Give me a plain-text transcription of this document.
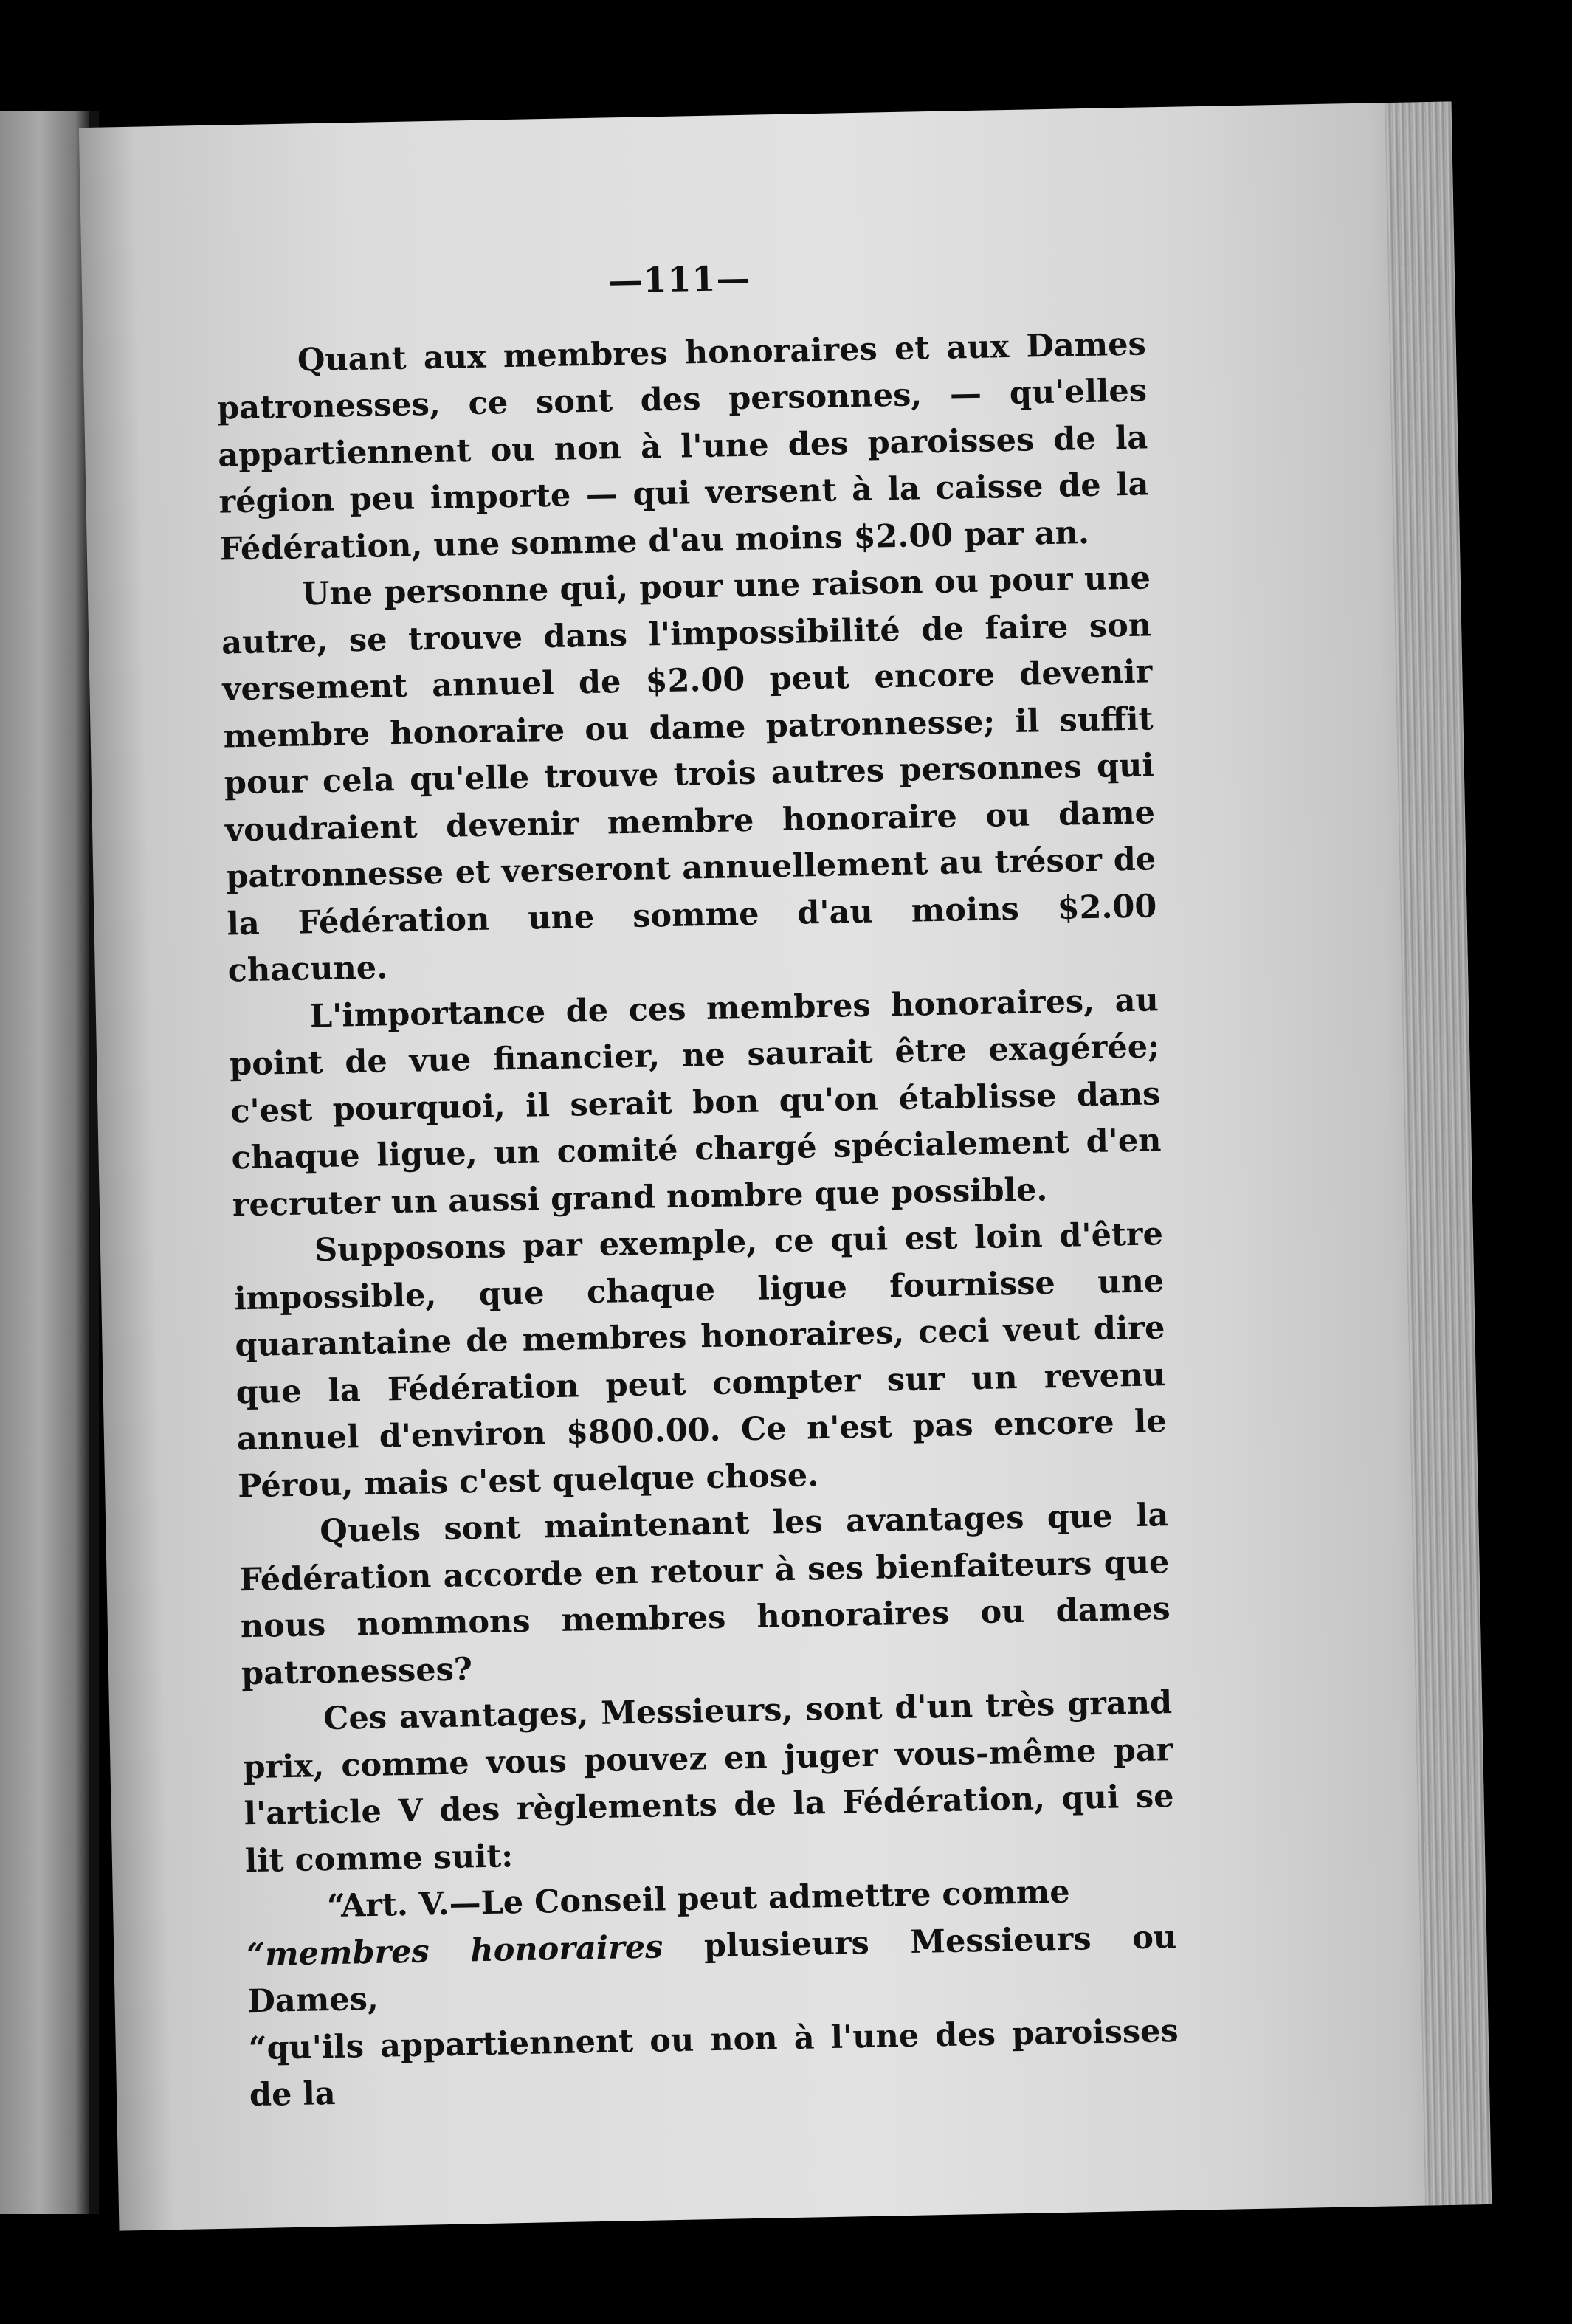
—111—

Quant aux membres honoraires et aux Dames patronesses, ce sont des personnes, — qu'elles appartiennent ou non à l'une des paroisses de la région peu importe — qui versent à la caisse de la Fédération, une somme d'au moins $2.00 par an.

Une personne qui, pour une raison ou pour une autre, se trouve dans l'impossibilité de faire son versement annuel de $2.00 peut encore devenir membre honoraire ou dame patronnesse; il suffit pour cela qu'elle trouve trois autres personnes qui voudraient devenir membre honoraire ou dame patronnesse et verseront annuellement au trésor de la Fédération une somme d'au moins $2.00 chacune.

L'importance de ces membres honoraires, au point de vue financier, ne saurait être exagérée; c'est pourquoi, il serait bon qu'on établisse dans chaque ligue, un comité chargé spécialement d'en recruter un aussi grand nombre que possible.

Supposons par exemple, ce qui est loin d'être impossible, que chaque ligue fournisse une quarantaine de membres honoraires, ceci veut dire que la Fédération peut compter sur un revenu annuel d'environ $800.00. Ce n'est pas encore le Pérou, mais c'est quelque chose.

Quels sont maintenant les avantages que la Fédération accorde en retour à ses bienfaiteurs que nous nommons membres honoraires ou dames patronesses?

Ces avantages, Messieurs, sont d'un très grand prix, comme vous pouvez en juger vous-même par l'article V des règlements de la Fédération, qui se lit comme suit:

“Art. V.—Le Conseil peut admettre comme

“membres honoraires plusieurs Messieurs ou Dames,

“qu'ils appartiennent ou non à l'une des paroisses de la
